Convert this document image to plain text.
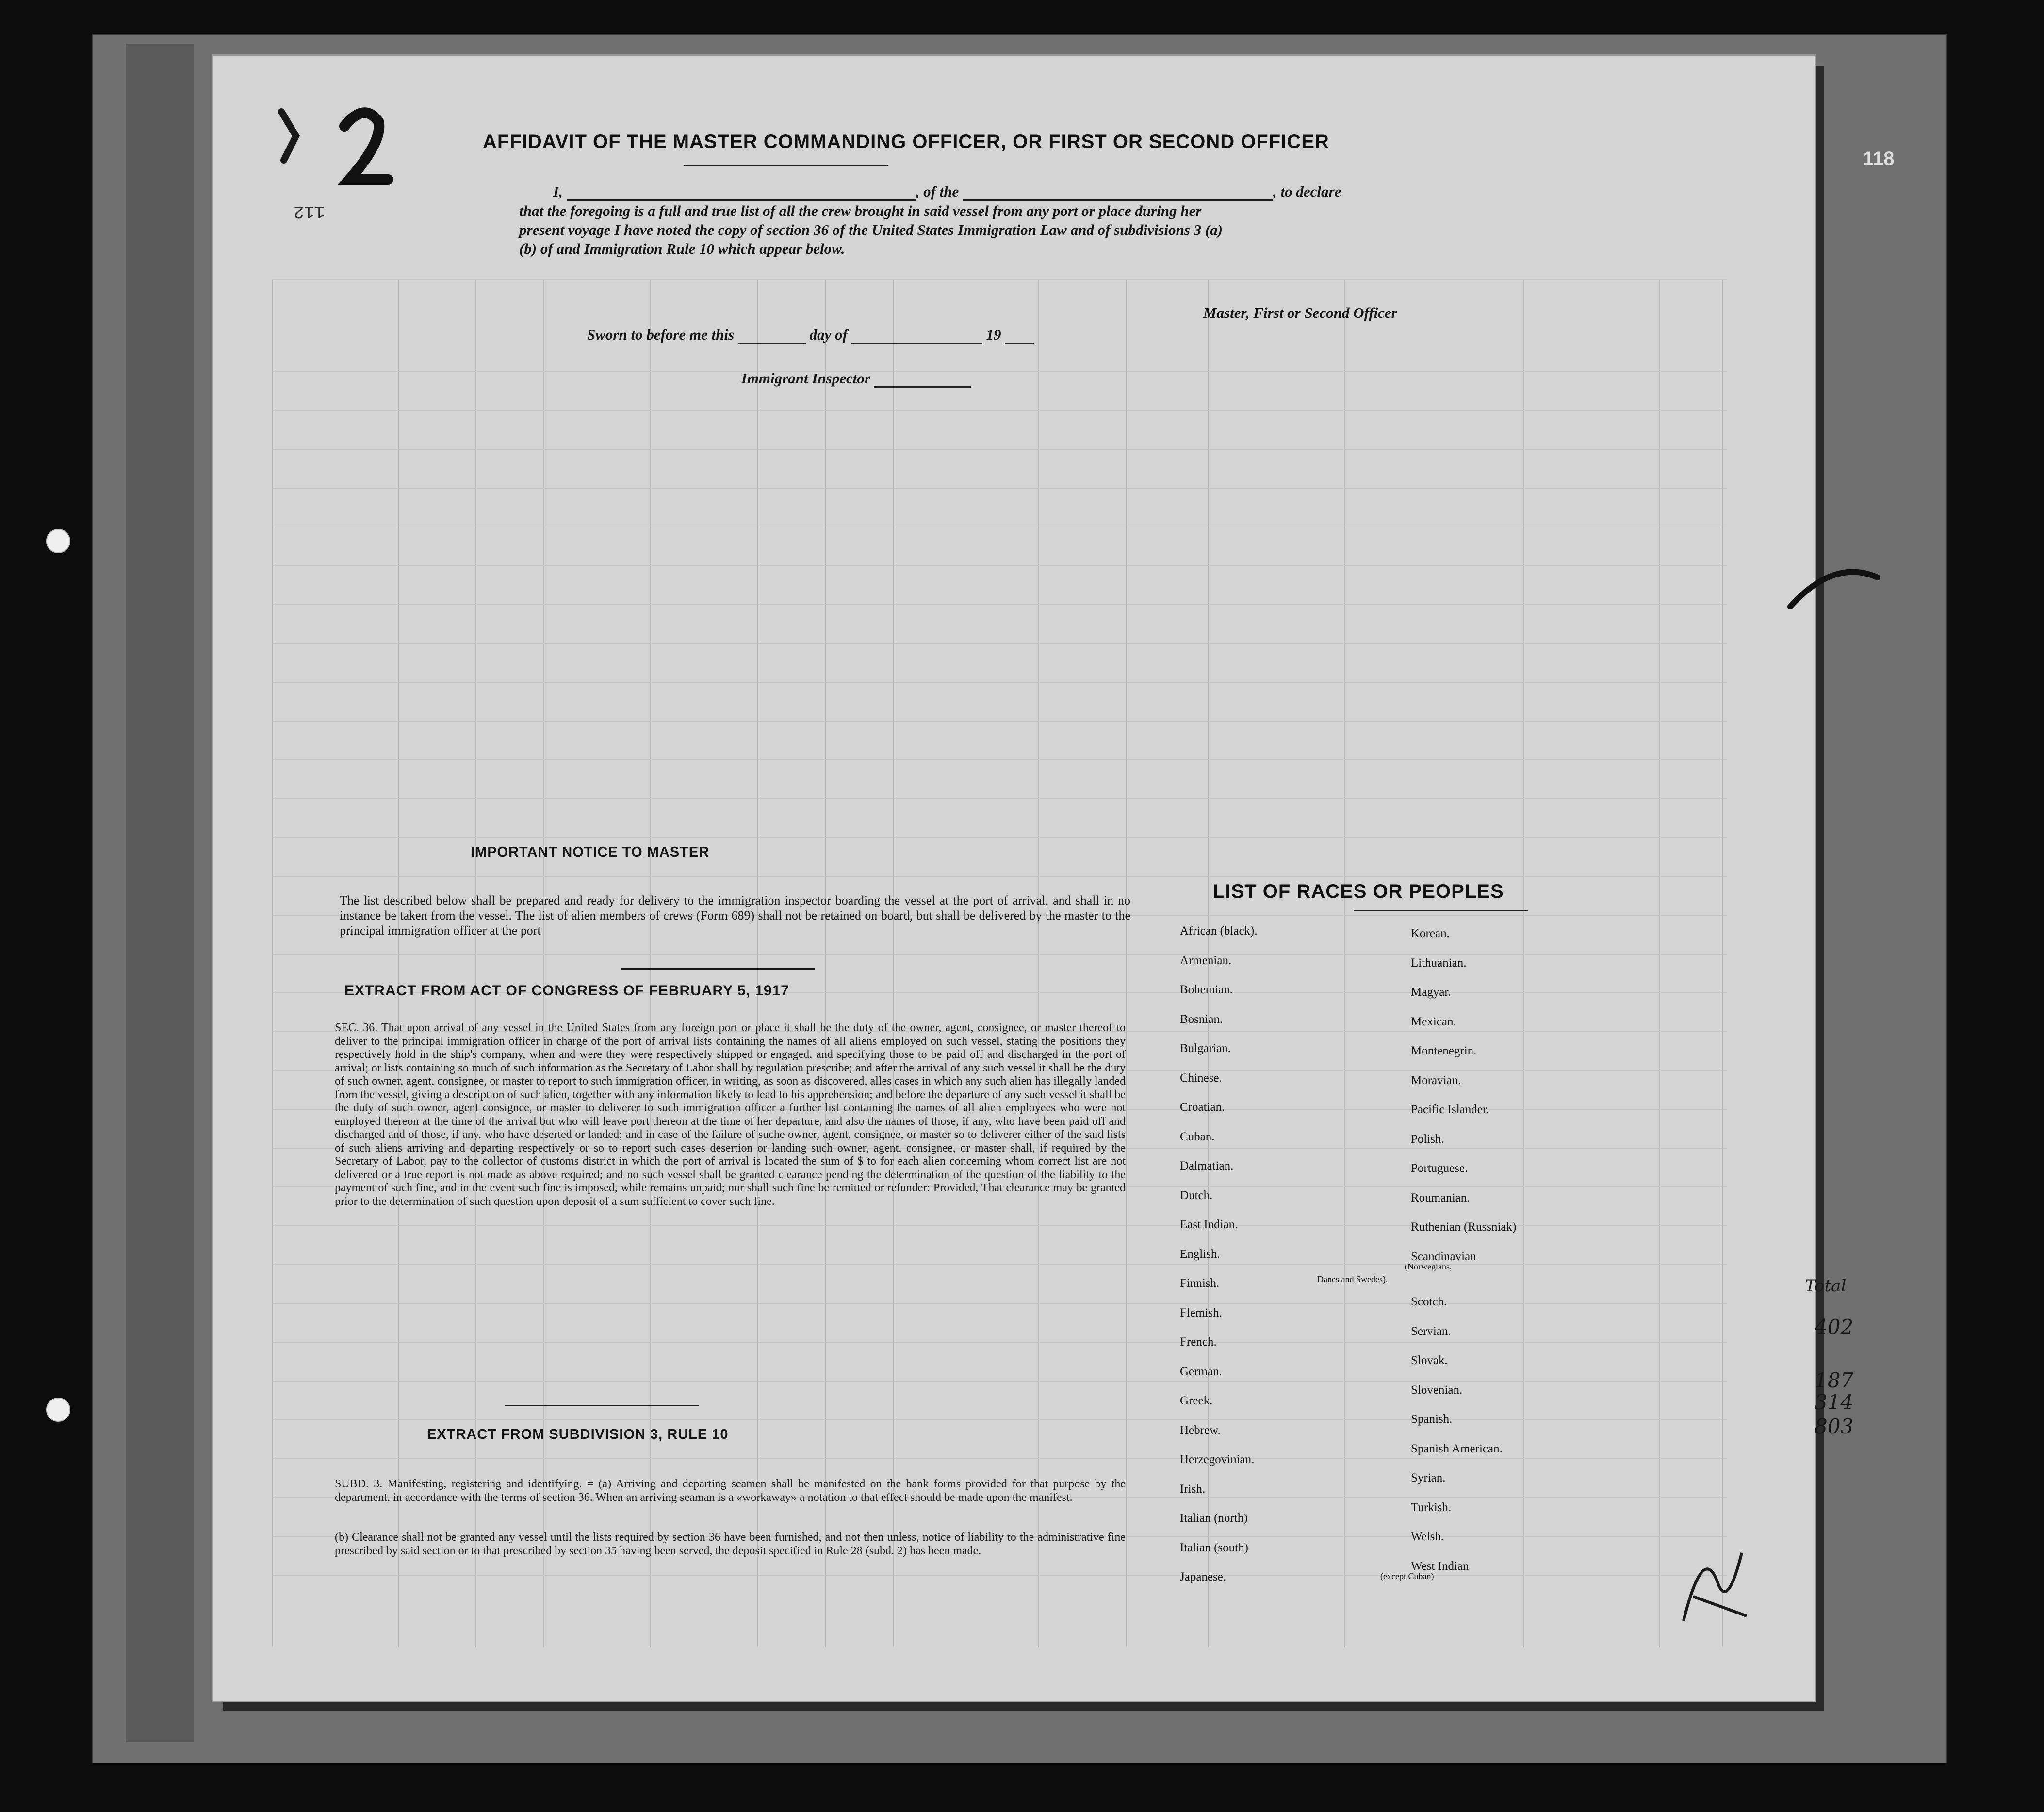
118
AFFIDAVIT OF THE MASTER COMMANDING OFFICER, OR FIRST OR SECOND OFFICER
I,	, of the	, to declare
that the foregoing is a full and true list of all the crew brought in said vessel from any port or place during her
present voyage I have noted the copy of section 36 of the United States Immigration Law and of subdivisions 3 (a)
(b) of and Immigration Rule 10 which appear below.
Master, First or Second Officer
Sworn to before me this	day of	19
Immigrant Inspector
IMPORTANT NOTICE TO MASTER
The list described below shall be prepared and ready for delivery to the immigration inspector boarding the vessel at the port of arrival, and shall in no instance be taken from the vessel. The list of alien members of crews (Form 689) shall not be retained on board, but shall be delivered by the master to the principal immigration officer at the port
EXTRACT FROM ACT OF CONGRESS OF FEBRUARY 5, 1917
SEC. 36. That upon arrival of any vessel in the United States from any foreign port or place it shall be the duty of the owner, agent, consignee, or master thereof to deliver to the principal immigration officer in charge of the port of arrival lists containing the names of all aliens employed on such vessel, stating the positions they respectively hold in the ship's company, when and were they were respectively shipped or engaged, and specifying those to be paid off and discharged in the port of arrival; or lists containing so much of such information as the Secretary of Labor shall by regulation prescribe; and after the arrival of any such vessel it shall be the duty of such owner, agent, consignee, or master to report to such immigration officer, in writing, as soon as discovered, alles cases in which any such alien has illegally landed from the vessel, giving a description of such alien, together with any information likely to lead to his apprehension; and before the departure of any such vessel it shall be the duty of such owner, agent consignee, or master to deliverer to such immigration officer a further list containing the names of all alien employees who were not employed thereon at the time of the arrival but who will leave port thereon at the time of her departure, and also the names of those, if any, who have been paid off and discharged and of those, if any, who have deserted or landed; and in case of the failure of suche owner, agent, consignee, or master so to deliverer either of the said lists of such aliens arriving and departing respectively or so to report such cases desertion or landing such owner, agent, consignee, or master shall, if required by the Secretary of Labor, pay to the collector of customs district in which the port of arrival is located the sum of $ to for each alien concerning whom correct list are not delivered or a true report is not made as above required; and no such vessel shall be granted clearance pending the determination of the question of the liability to the payment of such fine, and in the event such fine is imposed, while remains unpaid; nor shall such fine be remitted or refunder: Provided, That clearance may be granted prior to the determination of such question upon deposit of a sum sufficient to cover such fine.
EXTRACT FROM SUBDIVISION 3, RULE 10
SUBD. 3. Manifesting, registering and identifying. = (a) Arriving and departing seamen shall be manifested on the bank forms provided for that purpose by the department, in accordance with the terms of section 36. When an arriving seaman is a «workaway» a notation to that effect should be made upon the manifest.
(b) Clearance shall not be granted any vessel until the lists required by section 36 have been furnished, and not then unless, notice of liability to the administrative fine prescribed by said section or to that prescribed by section 35 having been served, the deposit specified in Rule 28 (subd. 2) has been made.
LIST OF RACES OR PEOPLES
African (black).
Armenian.
Bohemian.
Bosnian.
Bulgarian.
Chinese.
Croatian.
Cuban.
Dalmatian.
Dutch.
East Indian.
English.
Finnish.
Flemish.
French.
German.
Greek.
Hebrew.
Herzegovinian.
Irish.
Italian (north)
Italian (south)
Japanese.
Korean.
Lithuanian.
Magyar.
Mexican.
Montenegrin.
Moravian.
Pacific Islander.
Polish.
Portuguese.
Roumanian.
Ruthenian (Russniak)
Scandinavian
Scotch.
Servian.
Slovak.
Slovenian.
Spanish.
Spanish American.
Syrian.
Turkish.
Welsh.
West Indian
(Norwegians,
Danes and Swedes).
(except Cuban)
112
Total
402
187
314
803
